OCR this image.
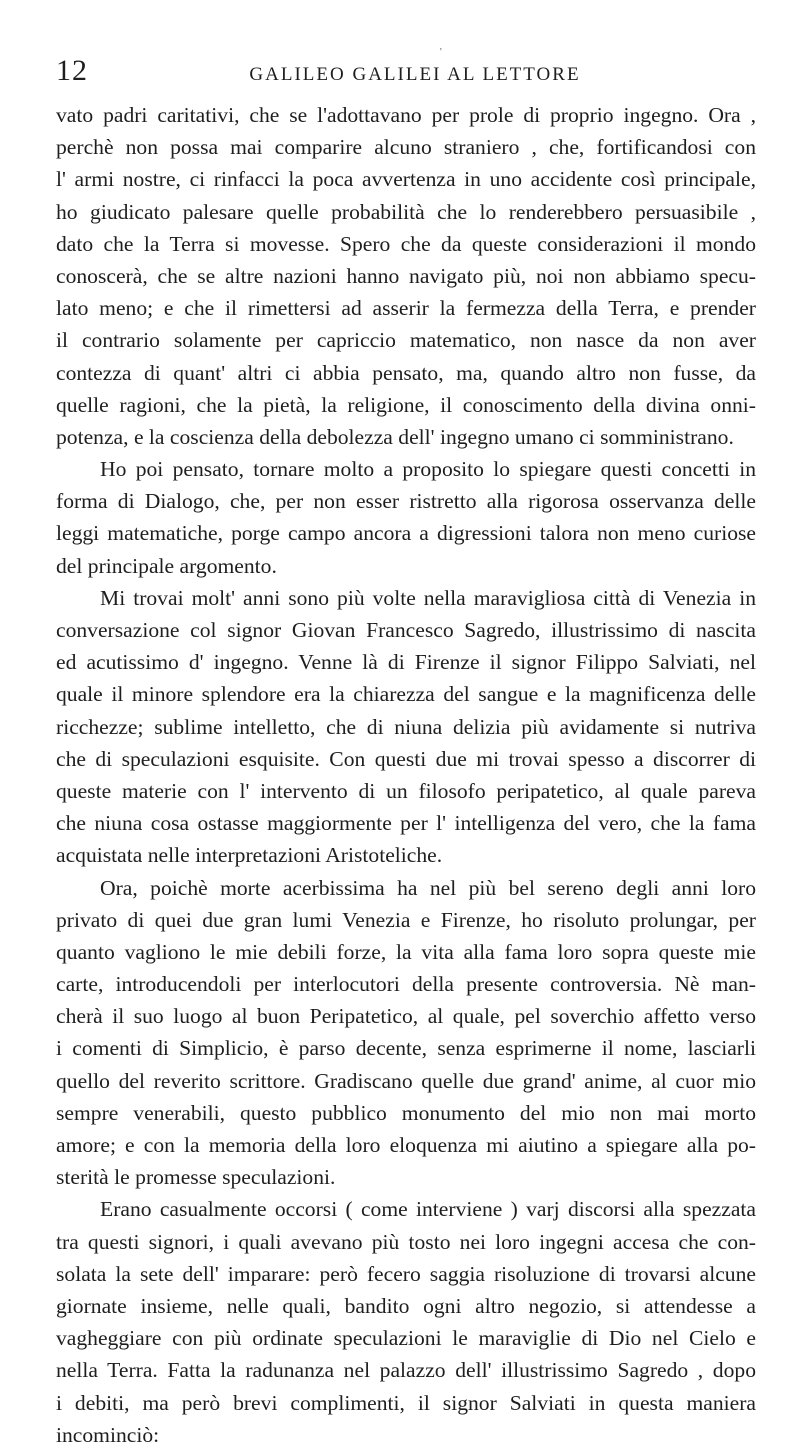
'
12	GALILEO GALILEI AL LETTORE
vato padri caritativi, che se l'adottavano per prole di proprio ingegno. Ora ,
perchè non possa mai comparire alcuno straniero , che, fortificandosi con
l' armi nostre, ci rinfacci la poca avvertenza in uno accidente così principale,
ho giudicato palesare quelle probabilità che lo renderebbero persuasibile ,
dato che la Terra si movesse. Spero che da queste considerazioni il mondo
conoscerà, che se altre nazioni hanno navigato più, noi non abbiamo specu-
lato meno; e che il rimettersi ad asserir la fermezza della Terra, e prender
il contrario solamente per capriccio matematico, non nasce da non aver
contezza di quant' altri ci abbia pensato, ma, quando altro non fusse, da
quelle ragioni, che la pietà, la religione, il conoscimento della divina onni-
potenza, e la coscienza della debolezza dell' ingegno umano ci somministrano.
Ho poi pensato, tornare molto a proposito lo spiegare questi concetti in
forma di Dialogo, che, per non esser ristretto alla rigorosa osservanza delle
leggi matematiche, porge campo ancora a digressioni talora non meno curiose
del principale argomento.
Mi trovai molt' anni sono più volte nella maravigliosa città di Venezia in
conversazione col signor Giovan Francesco Sagredo, illustrissimo di nascita
ed acutissimo d' ingegno. Venne là di Firenze il signor Filippo Salviati, nel
quale il minore splendore era la chiarezza del sangue e la magnificenza delle
ricchezze; sublime intelletto, che di niuna delizia più avidamente si nutriva
che di speculazioni esquisite. Con questi due mi trovai spesso a discorrer di
queste materie con l' intervento di un filosofo peripatetico, al quale pareva
che niuna cosa ostasse maggiormente per l' intelligenza del vero, che la fama
acquistata nelle interpretazioni Aristoteliche.
Ora, poichè morte acerbissima ha nel più bel sereno degli anni loro
privato di quei due gran lumi Venezia e Firenze, ho risoluto prolungar, per
quanto vagliono le mie debili forze, la vita alla fama loro sopra queste mie
carte, introducendoli per interlocutori della presente controversia. Nè man-
cherà il suo luogo al buon Peripatetico, al quale, pel soverchio affetto verso
i comenti di Simplicio, è parso decente, senza esprimerne il nome, lasciarli
quello del reverito scrittore. Gradiscano quelle due grand' anime, al cuor mio
sempre venerabili, questo pubblico monumento del mio non mai morto
amore; e con la memoria della loro eloquenza mi aiutino a spiegare alla po-
sterità le promesse speculazioni.
Erano casualmente occorsi ( come interviene ) varj discorsi alla spezzata
tra questi signori, i quali avevano più tosto nei loro ingegni accesa che con-
solata la sete dell' imparare: però fecero saggia risoluzione di trovarsi alcune
giornate insieme, nelle quali, bandito ogni altro negozio, si attendesse a
vagheggiare con più ordinate speculazioni le maraviglie di Dio nel Cielo e
nella Terra. Fatta la radunanza nel palazzo dell' illustrissimo Sagredo , dopo
i debiti, ma però brevi complimenti, il signor Salviati in questa maniera
incominciò:
